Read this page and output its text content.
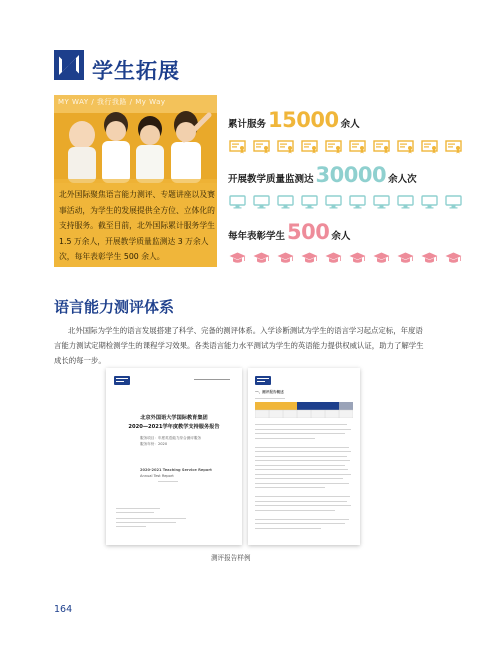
学生拓展
MY WAY / 我行我路 / My Way
北外国际聚焦语言能力测评、专题讲座以及赛事活动，为学生的发展提供全方位、立体化的支持服务。截至目前，北外国际累计服务学生 1.5 万余人，开展教学质量监测达 3 万余人次，每年表彰学生 500 余人。
累计服务 15000 余人
开展教学质量监测达 30000 余人次
每年表彰学生 500 余人
语言能力测评体系
北外国际为学生的语言发展搭建了科学、完备的测评体系。入学诊断测试为学生的语言学习起点定标，年度语言能力测试定期检测学生的课程学习效果。各类语言能力水平测试为学生的英语能力提供权威认证，助力了解学生成长的每一步。
北京外国语大学国际教育集团
2020—2021学年度教学支持服务报告
服务项目：年度英语能力综合测评服务
服务年份：2020
2020-2021 Teaching Service Report
Annual Test Report
一、测评报告概述
测评报告样例
164
